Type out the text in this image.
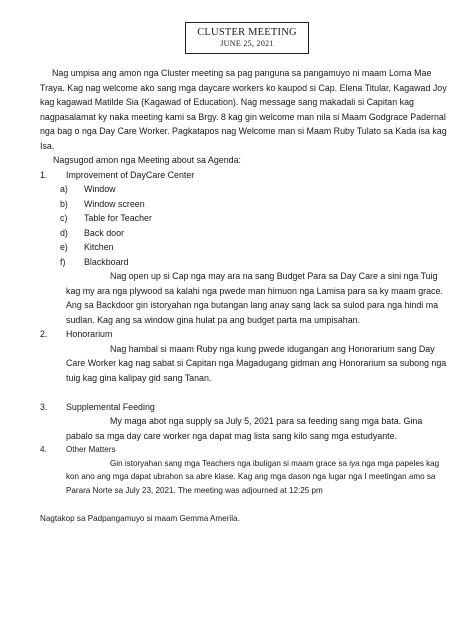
CLUSTER MEETING
JUNE 25, 2021

Nag umpisa ang amon nga Cluster meeting sa pag panguna sa pangamuyo ni maam Lorna Mae Traya. Kag nag welcome ako sang mga daycare workers ko kaupod si Cap. Elena Titular, Kagawad Joy kag kagawad Matilde Sia (Kagawad of Education). Nag message sang makadali si Capitan kag nagpasalamat ky naka meeting kami sa Brgy. 8 kag gin welcome man nila si Maam Godgrace Padernal nga bag o nga Day Care Worker. Pagkatapos nag Welcome man si Maam Ruby Tulato sa Kada isa kag Isa.

Nagsugod amon nga Meeting about sa Agenda:

1. Improvement of DayCare Center
a) Window
b) Window screen
c) Table for Teacher
d) Back door
e) Kitchen
f) Blackboard

Nag open up si Cap nga may ara na sang Budget Para sa Day Care a sini nga Tuig kag my ara nga plywood sa kalahi nga pwede man himuon nga Lamisa para sa ky maam grace. Ang sa Backdoor gin istoryahan nga butangan lang anay sang lack sa sulod para nga hindi ma sudlan. Kag ang sa window gina hulat pa ang budget parta ma umpisahan.

2. Honorarium

Nag hambal si maam Ruby nga kung pwede idugangan ang Honorarium sang Day Care Worker kag nag sabat si Capitan nga Magadugang gidman ang Honorarium sa subong nga tuig kag gina kalipay gid sang Tanan.

3. Supplemental Feeding

My maga abot nga supply sa July 5, 2021 para sa feeding sang mga bata. Gina pabalo sa mga day care worker nga dapat mag lista sang kilo sang mga estudyante.

4. Other Matters

Gin istoryahan sang mga Teachers nga ibuligan si maam grace sa iya nga mga papeles kag kon ano ang mga dapat ubrahon sa abre klase. Kag ang mga dason nga lugar nga I meetingan amo sa Parara Norte sa July 23, 2021. The meeting was adjourned at 12:25 pm

Nagtakop sa Padpangamuyo si maam Gemma Amerila.
